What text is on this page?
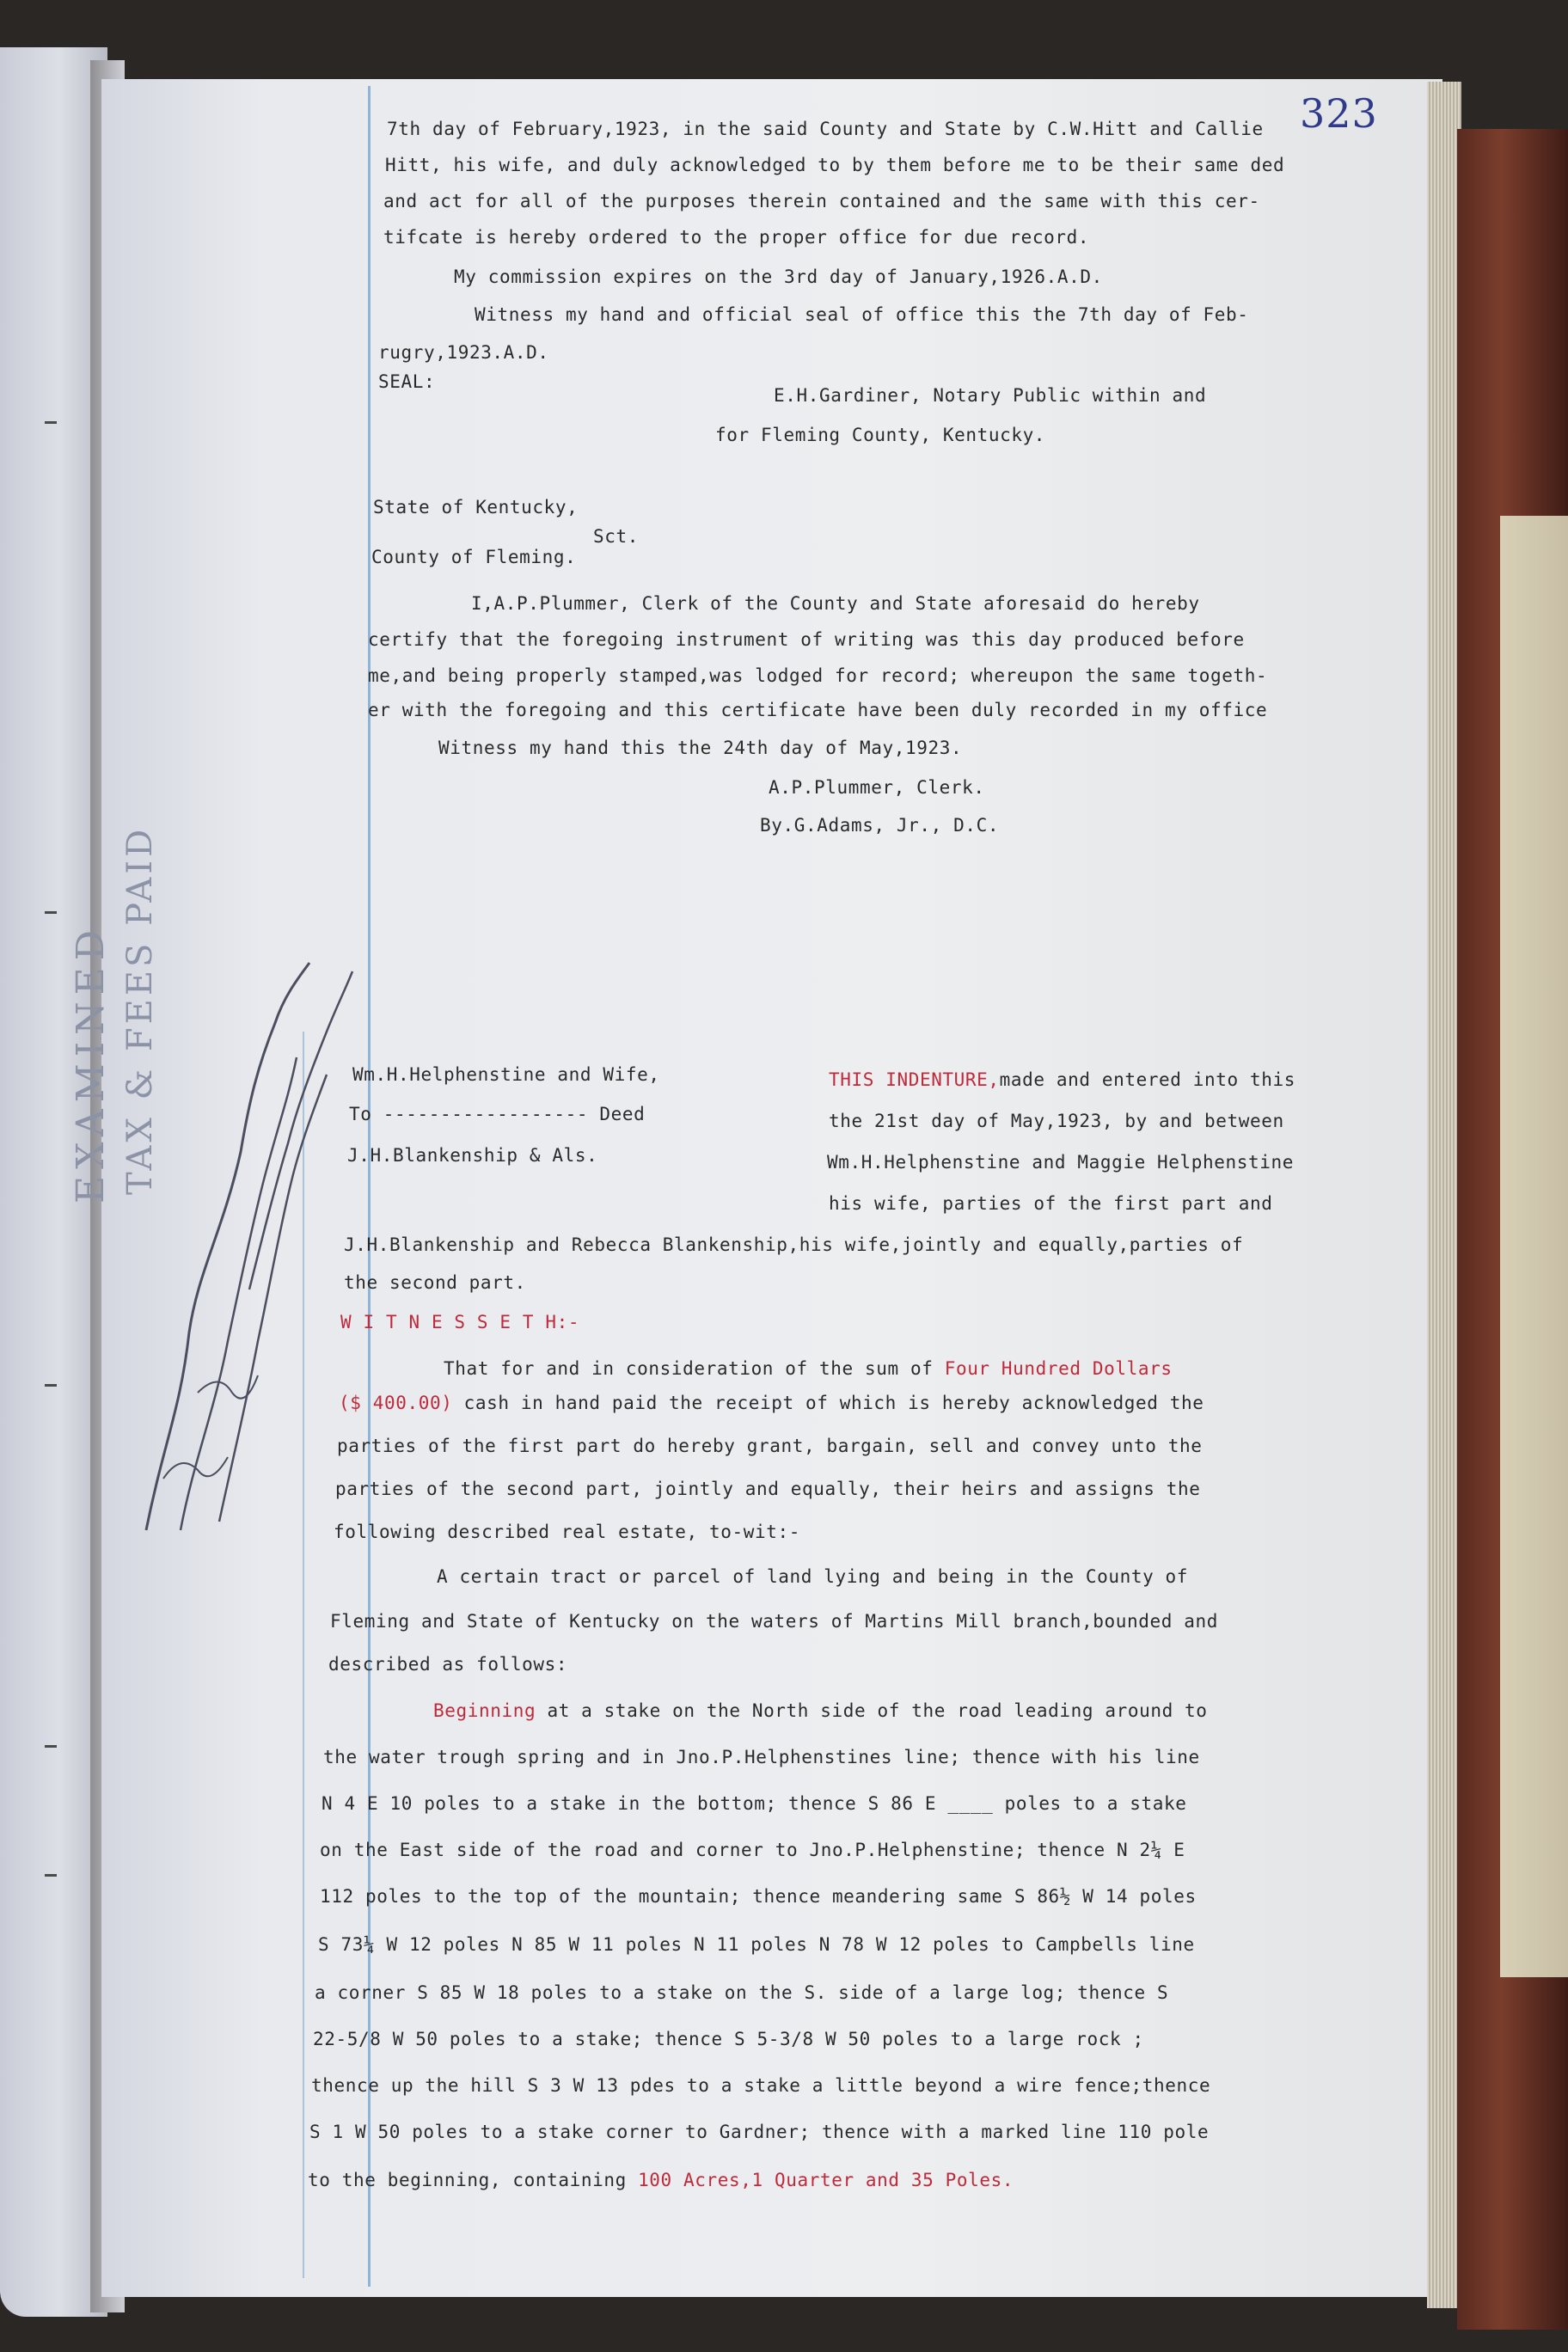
323
7th day of February,1923, in the said County and State by C.W.Hitt and Callie
Hitt, his wife, and duly acknowledged to by them before me to be their same ded
and act for all of the purposes therein contained and the same with this cer-
tifcate is hereby ordered to the proper office for due record.
My commission expires on the 3rd day of January,1926.A.D.
Witness my hand and official seal of office this the 7th day of Feb-
rugry,1923.A.D.
SEAL:
E.H.Gardiner, Notary Public within and
for Fleming County, Kentucky.
State of Kentucky,
Sct.
County of Fleming.
I,A.P.Plummer, Clerk of the County and State aforesaid do hereby
certify that the foregoing instrument of writing was this day produced before
me,and being properly stamped,was lodged for record; whereupon the same togeth-
er with the foregoing and this certificate have been duly recorded in my office
Witness my hand this the 24th day of May,1923.
A.P.Plummer, Clerk.
By.G.Adams, Jr., D.C.
EXAMINED TAX & FEES PAID	Wm.H.Helphenstine and Wife,
To ------------------ Deed
J.H.Blankenship & Als.
THIS INDENTURE,made and entered into this
the 21st day of May,1923, by and between
Wm.H.Helphenstine and Maggie Helphenstine
his wife, parties of the first part and
J.H.Blankenship and Rebecca Blankenship,his wife,jointly and equally,parties of
the second part.
W I T N E S S E T H:-
That for and in consideration of the sum of Four Hundred Dollars
($ 400.00) cash in hand paid the receipt of which is hereby acknowledged the
parties of the first part do hereby grant, bargain, sell and convey unto the
parties of the second part, jointly and equally, their heirs and assigns the
following described real estate, to-wit:-
A certain tract or parcel of land lying and being in the County of
Fleming and State of Kentucky on the waters of Martins Mill branch,bounded and
described as follows:
Beginning at a stake on the North side of the road leading around to
the water trough spring and in Jno.P.Helphenstines line; thence with his line
N 4 E 10 poles to a stake in the bottom; thence S 86 E ____ poles to a stake
on the East side of the road and corner to Jno.P.Helphenstine; thence N 2¼ E
112 poles to the top of the mountain; thence meandering same S 86½ W 14 poles
S 73¼ W 12 poles N 85 W 11 poles N 11 poles N 78 W 12 poles to Campbells line
a corner S 85 W 18 poles to a stake on the S. side of a large log; thence S
22-5/8 W 50 poles to a stake; thence S 5-3/8 W 50 poles to a large rock ;
thence up the hill S 3 W 13 pdes to a stake a little beyond a wire fence;thence
S 1 W 50 poles to a stake corner to Gardner; thence with a marked line 110 pole
to the beginning, containing 100 Acres,1 Quarter and 35 Poles.
